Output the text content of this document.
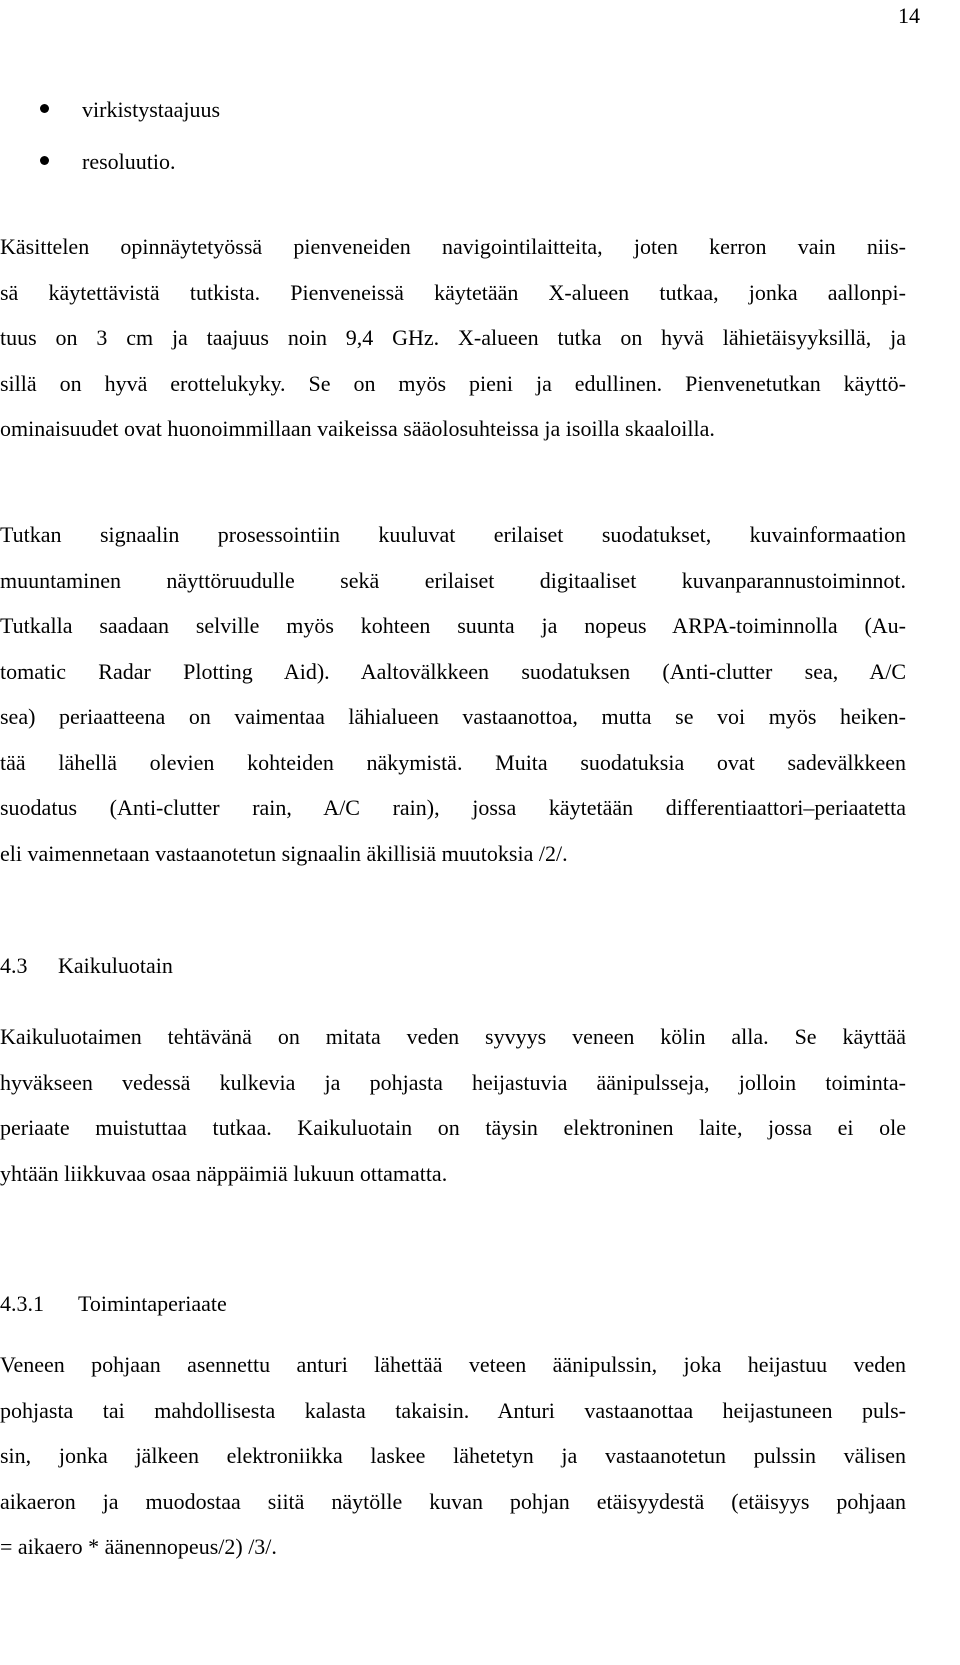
14
virkistystaajuus
resoluutio.

Käsittelen opinnäytetyössä pienveneiden navigointilaitteita, joten kerron vain niis-
sä käytettävistä tutkista. Pienveneissä käytetään X-alueen tutkaa, jonka aallonpi-
tuus on 3 cm ja taajuus noin 9,4 GHz. X-alueen tutka on hyvä lähietäisyyksillä, ja
sillä on hyvä erottelukyky. Se on myös pieni ja edullinen. Pienvenetutkan käyttö-
ominaisuudet ovat huonoimmillaan vaikeissa sääolosuhteissa ja isoilla skaaloilla.

Tutkan signaalin prosessointiin kuuluvat erilaiset suodatukset, kuvainformaation
muuntaminen näyttöruudulle sekä erilaiset digitaaliset kuvanparannustoiminnot.
Tutkalla saadaan selville myös kohteen suunta ja nopeus ARPA-toiminnolla (Au-
tomatic Radar Plotting Aid). Aaltovälkkeen suodatuksen (Anti-clutter sea, A/C
sea) periaatteena on vaimentaa lähialueen vastaanottoa, mutta se voi myös heiken-
tää lähellä olevien kohteiden näkymistä. Muita suodatuksia ovat sadevälkkeen
suodatus (Anti-clutter rain, A/C rain), jossa käytetään differentiaattori–periaatetta
eli vaimennetaan vastaanotetun signaalin äkillisiä muutoksia /2/.

4.3 Kaikuluotain

Kaikuluotaimen tehtävänä on mitata veden syvyys veneen kölin alla. Se käyttää
hyväkseen vedessä kulkevia ja pohjasta heijastuvia äänipulsseja, jolloin toiminta-
periaate muistuttaa tutkaa. Kaikuluotain on täysin elektroninen laite, jossa ei ole
yhtään liikkuvaa osaa näppäimiä lukuun ottamatta.

4.3.1 Toimintaperiaate

Veneen pohjaan asennettu anturi lähettää veteen äänipulssin, joka heijastuu veden
pohjasta tai mahdollisesta kalasta takaisin. Anturi vastaanottaa heijastuneen puls-
sin, jonka jälkeen elektroniikka laskee lähetetyn ja vastaanotetun pulssin välisen
aikaeron ja muodostaa siitä näytölle kuvan pohjan etäisyydestä (etäisyys pohjaan
= aikaero * äänennopeus/2) /3/.
